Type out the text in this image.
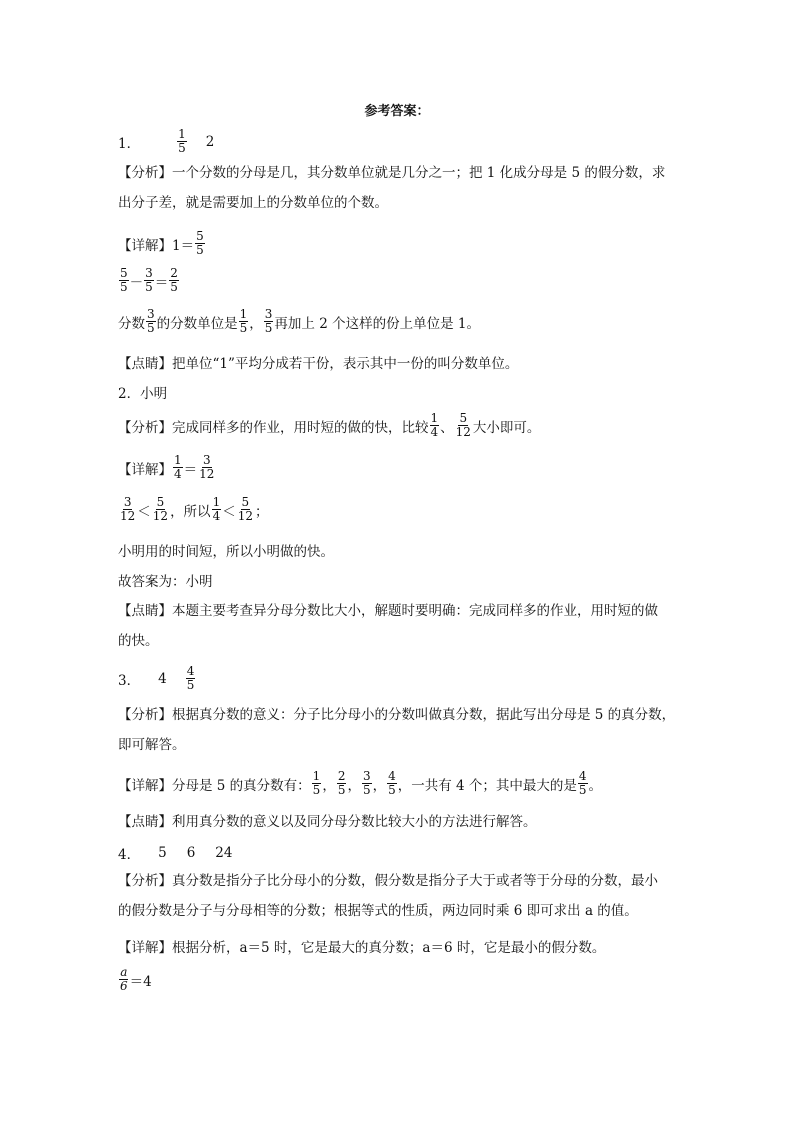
参考答案：
1．	$\frac{1}{5} 2$
【分析】一个分数的分母是几，其分数单位就是几分之一；把 1 化成分母是 5 的假分数，求
出分子差，就是需要加上的分数单位的个数。
【详解】 $1= \frac{5}{5}$
$\frac{5}{5} - \frac{3}{5} = \frac{2}{5}$
分数 $\frac{3}{5}$ 的分数单位是 $\frac{1}{5}$ ， $\frac{3}{5}$ 再加上 2 个这样的份上单位是 1。
【点睛】 把单位“1”平均分成若干份，表示其中一份的叫分数单位。
2． 小明
【分析】 完成同样多的作业，用时短的做的快，比较 $\frac{1}{4}$ 、 $\frac{5}{12}$ 大小即可。
【详解】 $\frac{1}{4} = \frac{3}{12}$
$\frac{3}{12} < \frac{5}{12}$ ，所以 $\frac{1}{4} < \frac{5}{12}$ ；
小明用的时间短，所以小明做的快。
故答案为：小明
【点睛】本题主要考查异分母分数比大小，解题时要明确：完成同样多的作业，用时短的做
的快。
3． $4 \frac{4}{5}$
【分析】根据真分数的意义：分子比分母小的分数叫做真分数，据此写出分母是 5 的真分数，
即可解答。
【详解】 分母是 5 的真分数有： $\frac{1}{5}$ ， $\frac{2}{5}$ ， $\frac{3}{5}$ ， $\frac{4}{5}$ ，一共有 4 个；其中最大的是 $\frac{4}{5}$ 。
【点睛】 利用真分数的意义以及同分母分数比较大小的方法进行解答。
4． 5 6 24
【分析】真分数是指分子比分母小的分数，假分数是指分子大于或者等于分母的分数，最小
的假分数是分子与分母相等的分数；根据等式的性质，两边同时乘 6 即可求出 a 的值。
【详解】 根据分析，a＝5 时，它是最大的真分数；a＝6 时，它是最小的假分数。
$\frac{a}{6} =4$
